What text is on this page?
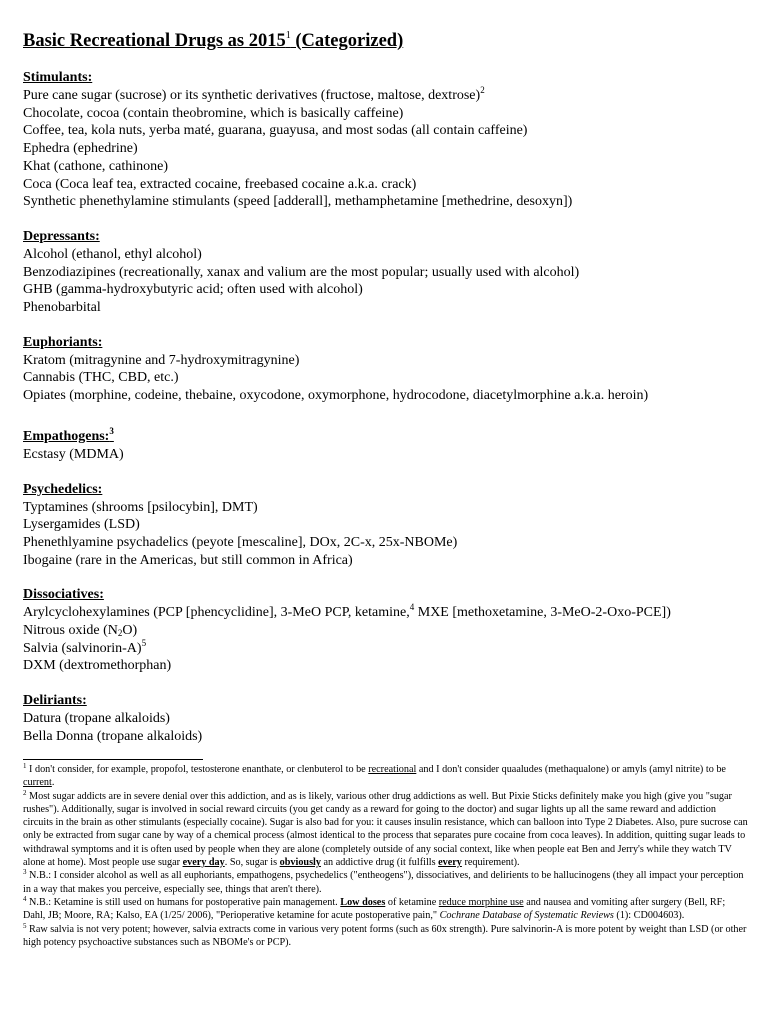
Basic Recreational Drugs as 2015$^1$ (Categorized)
Stimulants:
Pure cane sugar (sucrose) or its synthetic derivatives (fructose, maltose, dextrose)$^2$
Chocolate, cocoa (contain theobromine, which is basically caffeine)
Coffee, tea, kola nuts, yerba maté, guarana, guayusa, and most sodas (all contain caffeine)
Ephedra (ephedrine)
Khat (cathone, cathinone)
Coca (Coca leaf tea, extracted cocaine, freebased cocaine a.k.a. crack)
Synthetic phenethylamine stimulants (speed [adderall], methamphetamine [methedrine, desoxyn])
Depressants:
Alcohol (ethanol, ethyl alcohol)
Benzodiazipines (recreationally, xanax and valium are the most popular; usually used with alcohol)
GHB (gamma-hydroxybutyric acid; often used with alcohol)
Phenobarbital
Euphoriants:
Kratom (mitragynine and 7-hydroxymitragynine)
Cannabis (THC, CBD, etc.)
Opiates (morphine, codeine, thebaine, oxycodone, oxymorphone, hydrocodone, diacetylmorphine a.k.a. heroin)
Empathogens:$^3$
Ecstasy (MDMA)
Psychedelics:
Typtamines (shrooms [psilocybin], DMT)
Lysergamides (LSD)
Phenethlyamine psychadelics (peyote [mescaline], DOx, 2C-x, 25x-NBOMe)
Ibogaine (rare in the Americas, but still common in Africa)
Dissociatives:
Arylcyclohexylamines (PCP [phencyclidine], 3-MeO PCP, ketamine,$^4$ MXE [methoxetamine, 3-MeO-2-Oxo-PCE])
Nitrous oxide $(N_2O)$
Salvia (salvinorin-A)$^5$
DXM (dextromethorphan)
Deliriants:
Datura (tropane alkaloids)
Bella Donna (tropane alkaloids)

$^1$ I don't consider, for example, propofol, testosterone enanthate, or clenbuterol to be recreational and I don't consider quaaludes (methaqualone) or amyls (amyl nitrite) to be current.

$^2$ Most sugar addicts are in severe denial over this addiction, and as is likely, various other drug addictions as well. But Pixie Sticks definitely make you high (give you "sugar rushes"). Additionally, sugar is involved in social reward circuits (you get candy as a reward for going to the doctor) and sugar lights up all the same reward and addiction circuits in the brain as other stimulants (especially cocaine). Sugar is also bad for you: it causes insulin resistance, which can balloon into Type 2 Diabetes. Also, pure sucrose can only be extracted from sugar cane by way of a chemical process (almost identical to the process that separates pure cocaine from coca leaves). In addition, quitting sugar leads to withdrawal symptoms and it is often used by people when they are alone (completely outside of any social context, like when people eat Ben and Jerry's while they watch TV alone at home). Most people use sugar every day. So, sugar is obviously an addictive drug (it fulfills every requirement).

$^3$ N.B.: I consider alcohol as well as all euphoriants, empathogens, psychedelics ("entheogens"), dissociatives, and delirients to be hallucinogens (they all impact your perception in a way that makes you perceive, especially see, things that aren't there).

$^4$ N.B.: Ketamine is still used on humans for postoperative pain management. Low doses of ketamine reduce morphine use and nausea and vomiting after surgery (Bell, RF; Dahl, JB; Moore, RA; Kalso, EA (1/25/ 2006), "Perioperative ketamine for acute postoperative pain," Cochrane Database of Systematic Reviews (1): CD004603).

$^5$ Raw salvia is not very potent; however, salvia extracts come in various very potent forms (such as 60x strength). Pure salvinorin-A is more potent by weight than LSD (or other high potency psychoactive substances such as NBOMe's or PCP).
